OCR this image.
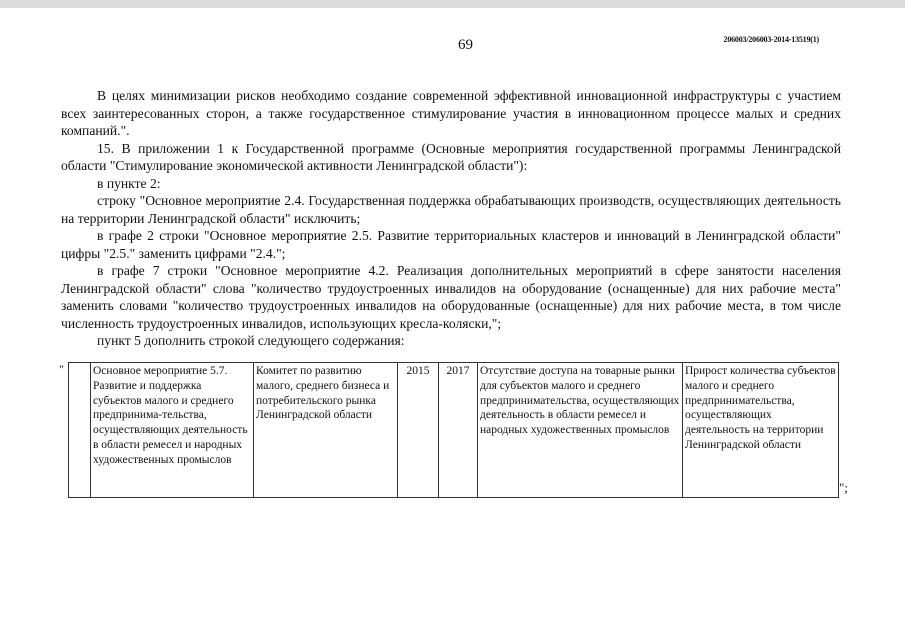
69	206003/206003-2014-13519(1)

В целях минимизации рисков необходимо создание современной эффективной инновационной инфраструктуры с участием всех заинтересованных сторон, а также государственное стимулирование участия в инновационном процессе малых и средних компаний.".

15. В приложении 1 к Государственной программе (Основные мероприятия государственной программы Ленинградской области "Стимулирование экономической активности Ленинградской области"):

в пункте 2:

строку "Основное мероприятие 2.4. Государственная поддержка обрабатывающих производств, осуществляющих деятельность на территории Ленинградской области" исключить;

в графе 2 строки "Основное мероприятие 2.5. Развитие территориальных кластеров и инноваций в Ленинградской области" цифры "2.5." заменить цифрами "2.4.";

в графе 7 строки "Основное мероприятие 4.2. Реализация дополнительных мероприятий в сфере занятости населения Ленинградской области" слова "количество трудоустроенных инвалидов на оборудование (оснащенные) для них рабочие места" заменить словами "количество трудоустроенных инвалидов на оборудованные (оснащенные) для них рабочие места, в том числе численность трудоустроенных инвалидов, использующих кресла-коляски,";

пункт 5 дополнить строкой следующего содержания:

"
		Основное мероприятие 5.7. Развитие и поддержка субъектов малого и среднего предпринима-тельства, осуществляющих деятельность в области ремесел и народных художественных промыслов	Комитет по развитию малого, среднего бизнеса и потребительского рынка Ленинградской области	2015	2017	Отсутствие доступа на товарные рынки для субъектов малого и среднего предпринимательства, осуществляющих деятельность в области ремесел и народных художественных промыслов	Прирост количества субъектов малого и среднего предпринимательства, осуществляющих деятельность на территории Ленинградской области
";
